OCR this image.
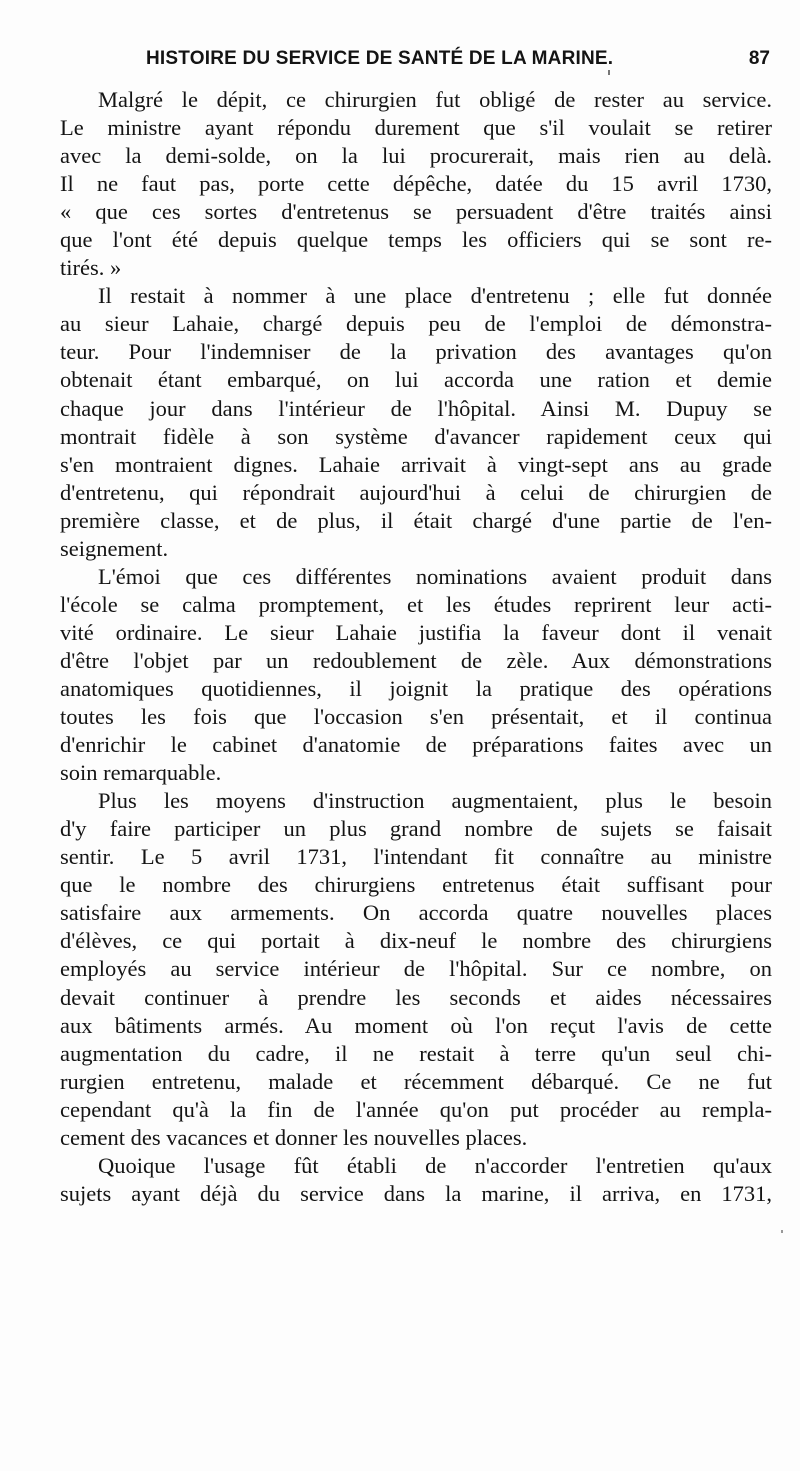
HISTOIRE DU SERVICE DE SANTÉ DE LA MARINE.	87
Malgré le dépit, ce chirurgien fut obligé de rester au service.
Le ministre ayant répondu durement que s'il voulait se retirer
avec la demi-solde, on la lui procurerait, mais rien au delà.
Il ne faut pas, porte cette dépêche, datée du 15 avril 1730,
« que ces sortes d'entretenus se persuadent d'être traités ainsi
que l'ont été depuis quelque temps les officiers qui se sont re-
tirés. »
Il restait à nommer à une place d'entretenu ; elle fut donnée
au sieur Lahaie, chargé depuis peu de l'emploi de démonstra-
teur. Pour l'indemniser de la privation des avantages qu'on
obtenait étant embarqué, on lui accorda une ration et demie
chaque jour dans l'intérieur de l'hôpital. Ainsi M. Dupuy se
montrait fidèle à son système d'avancer rapidement ceux qui
s'en montraient dignes. Lahaie arrivait à vingt-sept ans au grade
d'entretenu, qui répondrait aujourd'hui à celui de chirurgien de
première classe, et de plus, il était chargé d'une partie de l'en-
seignement.
L'émoi que ces différentes nominations avaient produit dans
l'école se calma promptement, et les études reprirent leur acti-
vité ordinaire. Le sieur Lahaie justifia la faveur dont il venait
d'être l'objet par un redoublement de zèle. Aux démonstrations
anatomiques quotidiennes, il joignit la pratique des opérations
toutes les fois que l'occasion s'en présentait, et il continua
d'enrichir le cabinet d'anatomie de préparations faites avec un
soin remarquable.
Plus les moyens d'instruction augmentaient, plus le besoin
d'y faire participer un plus grand nombre de sujets se faisait
sentir. Le 5 avril 1731, l'intendant fit connaître au ministre
que le nombre des chirurgiens entretenus était suffisant pour
satisfaire aux armements. On accorda quatre nouvelles places
d'élèves, ce qui portait à dix-neuf le nombre des chirurgiens
employés au service intérieur de l'hôpital. Sur ce nombre, on
devait continuer à prendre les seconds et aides nécessaires
aux bâtiments armés. Au moment où l'on reçut l'avis de cette
augmentation du cadre, il ne restait à terre qu'un seul chi-
rurgien entretenu, malade et récemment débarqué. Ce ne fut
cependant qu'à la fin de l'année qu'on put procéder au rempla-
cement des vacances et donner les nouvelles places.
Quoique l'usage fût établi de n'accorder l'entretien qu'aux
sujets ayant déjà du service dans la marine, il arriva, en 1731,
